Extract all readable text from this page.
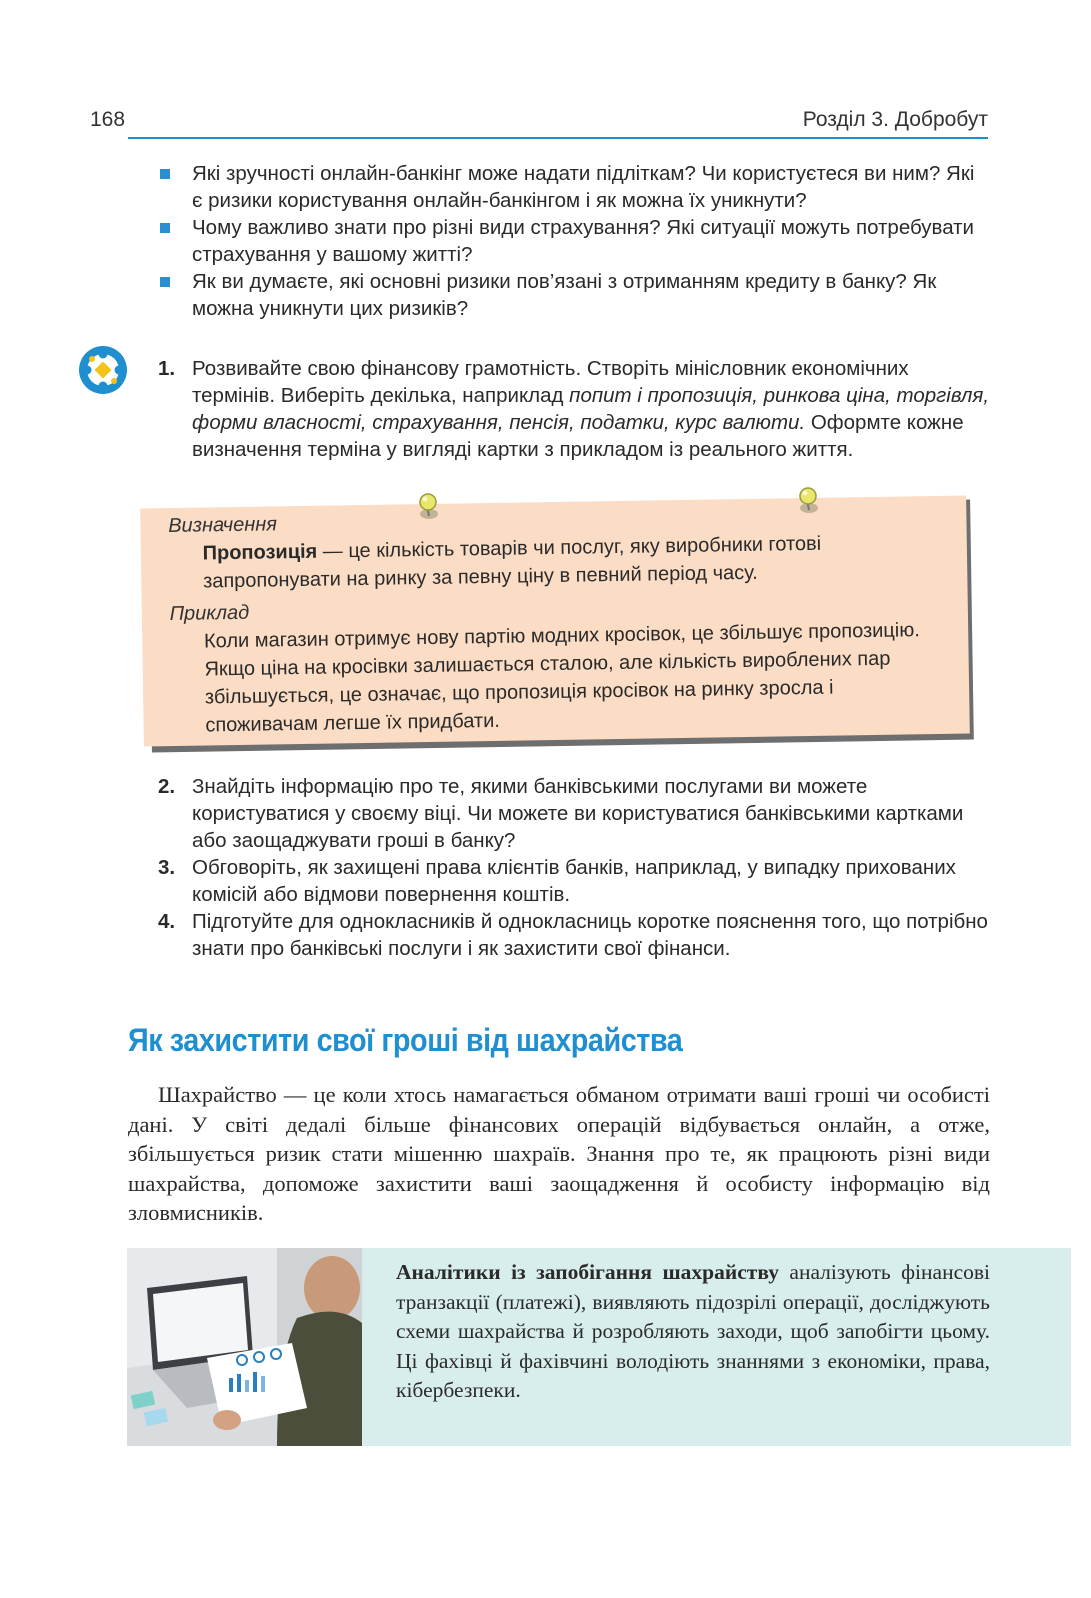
168	Розділ 3. Добробут
Які зручності онлайн-банкінг може надати підліткам? Чи користуєтеся ви ним? Які є ризики користування онлайн-банкінгом і як можна їх уникнути?
Чому важливо знати про різні види страхування? Які ситуації можуть потребувати страхування у вашому житті?
Як ви думаєте, які основні ризики пов’язані з отриманням кредиту в банку? Як можна уникнути цих ризиків?
1. Розвивайте свою фінансову грамотність. Створіть мінісловник економічних термінів. Виберіть декілька, наприклад попит і пропозиція, ринкова ціна, торгівля, форми власності, страхування, пенсія, податки, курс валюти. Оформте кожне визначення терміна у вигляді картки з прикладом із реального життя.
Визначення
Пропозиція — це кількість товарів чи послуг, яку виробники готові запропонувати на ринку за певну ціну в певний період часу.
Приклад
Коли магазин отримує нову партію модних кросівок, це збільшує пропозицію. Якщо ціна на кросівки залишається сталою, але кількість вироблених пар збільшується, це означає, що пропозиція кросівок на ринку зросла і споживачам легше їх придбати.
2. Знайдіть інформацію про те, якими банківськими послугами ви можете користуватися у своєму віці. Чи можете ви користуватися банківськими картками або заощаджувати гроші в банку?
3. Обговоріть, як захищені права клієнтів банків, наприклад, у випадку прихованих комісій або відмови повернення коштів.
4. Підготуйте для однокласників й однокласниць коротке пояснення того, що потрібно знати про банківські послуги і як захистити свої фінанси.
Як захистити свої гроші від шахрайства
Шахрайство — це коли хтось намагається обманом отримати ваші гроші чи особисті дані. У світі дедалі більше фінансових операцій відбувається онлайн, а отже, збільшується ризик стати мішенню шахраїв. Знання про те, як працюють різні види шахрайства, допоможе захистити ваші заощадження й особисту інформацію від зловмисників.
Аналітики із запобігання шахрайству аналізують фінансові транзакції (платежі), виявляють підозрілі операції, досліджують схеми шахрайства й розробляють заходи, щоб запобігти цьому. Ці фахівці й фахівчині володіють знаннями з економіки, права, кібербезпеки.
